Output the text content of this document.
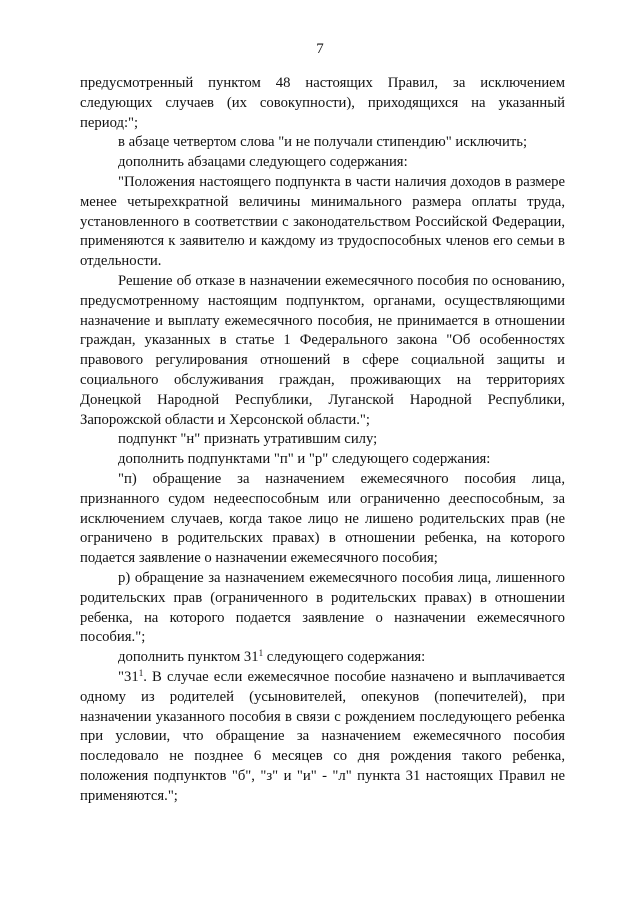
7

предусмотренный пунктом 48 настоящих Правил, за исключением следующих случаев (их совокупности), приходящихся на указанный период:";

в абзаце четвертом слова "и не получали стипендию" исключить;

дополнить абзацами следующего содержания:

"Положения настоящего подпункта в части наличия доходов в размере менее четырехкратной величины минимального размера оплаты труда, установленного в соответствии с законодательством Российской Федерации, применяются к заявителю и каждому из трудоспособных членов его семьи в отдельности.

Решение об отказе в назначении ежемесячного пособия по основанию, предусмотренному настоящим подпунктом, органами, осуществляющими назначение и выплату ежемесячного пособия, не принимается в отношении граждан, указанных в статье 1 Федерального закона "Об особенностях правового регулирования отношений в сфере социальной защиты и социального обслуживания граждан, проживающих на территориях Донецкой Народной Республики, Луганской Народной Республики, Запорожской области и Херсонской области.";

подпункт "н" признать утратившим силу;

дополнить подпунктами "п" и "р" следующего содержания:

"п) обращение за назначением ежемесячного пособия лица, признанного судом недееспособным или ограниченно дееспособным, за исключением случаев, когда такое лицо не лишено родительских прав (не ограничено в родительских правах) в отношении ребенка, на которого подается заявление о назначении ежемесячного пособия;

р) обращение за назначением ежемесячного пособия лица, лишенного родительских прав (ограниченного в родительских правах) в отношении ребенка, на которого подается заявление о назначении ежемесячного пособия.";

дополнить пунктом $31^1$ следующего содержания:

"$31^1$. В случае если ежемесячное пособие назначено и выплачивается одному из родителей (усыновителей, опекунов (попечителей), при назначении указанного пособия в связи с рождением последующего ребенка при условии, что обращение за назначением ежемесячного пособия последовало не позднее 6 месяцев со дня рождения такого ребенка, положения подпунктов "б", "з" и "и" - "л" пункта 31 настоящих Правил не применяются.";
